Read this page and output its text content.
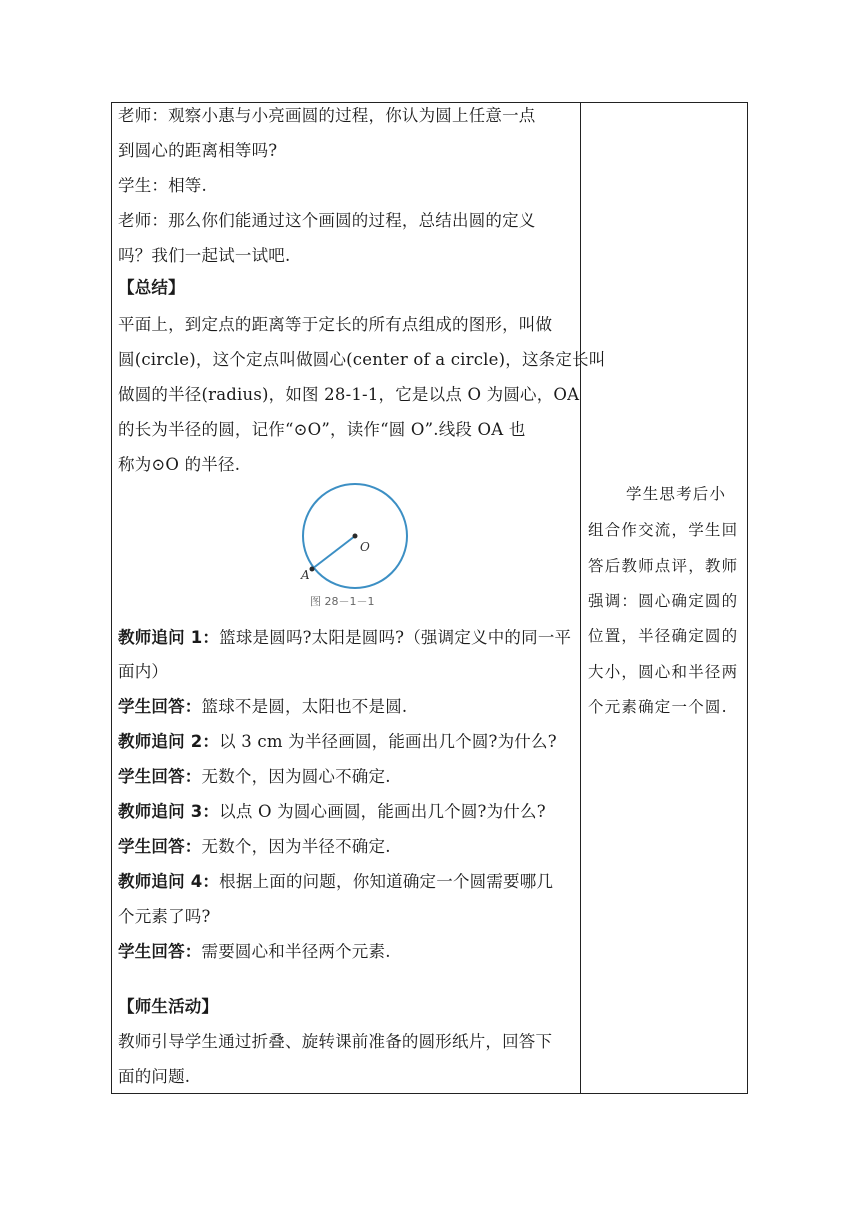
老师：观察小惠与小亮画圆的过程，你认为圆上任意一点
到圆心的距离相等吗?
学生：相等.
老师：那么你们能通过这个画圆的过程，总结出圆的定义
吗？我们一起试一试吧.
【总结】
平面上，到定点的距离等于定长的所有点组成的图形，叫做
圆(circle)，这个定点叫做圆心(center of a circle)，这条定长叫
做圆的半径(radius)，如图 28-1-1，它是以点 O 为圆心，OA
的长为半径的圆，记作“⊙O”，读作“圆 O”.线段 OA 也
称为⊙O 的半径.
O
A
图 28－1－1
教师追问 1：篮球是圆吗?太阳是圆吗?（强调定义中的同一平
面内）
学生回答：篮球不是圆，太阳也不是圆.
教师追问 2：以 3 cm 为半径画圆，能画出几个圆?为什么?
学生回答：无数个，因为圆心不确定.
教师追问 3：以点 O 为圆心画圆，能画出几个圆?为什么?
学生回答：无数个，因为半径不确定.
教师追问 4：根据上面的问题，你知道确定一个圆需要哪几
个元素了吗?
学生回答：需要圆心和半径两个元素.
【师生活动】
教师引导学生通过折叠、旋转课前准备的圆形纸片，回答下
面的问题.
学生思考后小
组合作交流，学生回
答后教师点评，教师
强调：圆心确定圆的
位置，半径确定圆的
大小，圆心和半径两
个元素确定一个圆.
